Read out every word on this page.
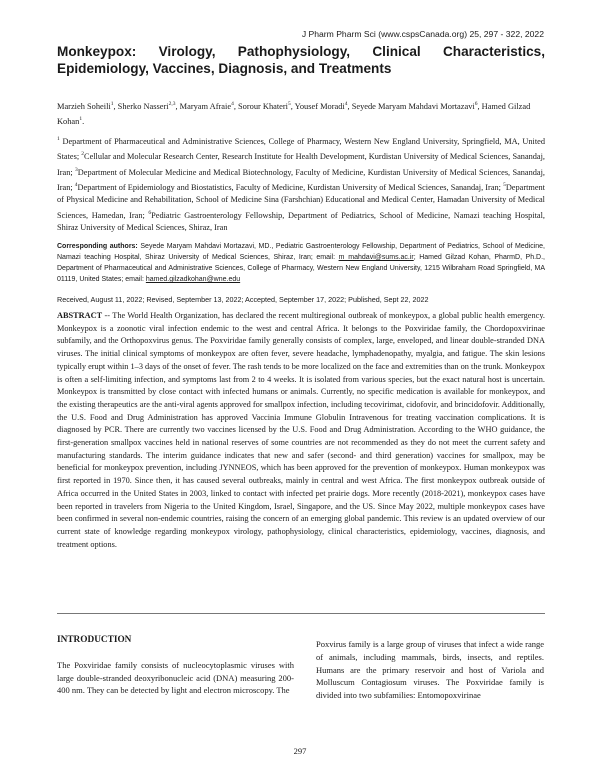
J Pharm Pharm Sci (www.cspsCanada.org) 25, 297 - 322, 2022
Monkeypox: Virology, Pathophysiology, Clinical Characteristics, Epidemiology, Vaccines, Diagnosis, and Treatments
Marzieh Soheili$^1$, Sherko Nasseri$^{2,3}$, Maryam Afraie$^4$, Sorour Khateri$^5$, Yousef Moradi$^4$, Seyede Maryam Mahdavi Mortazavi$^6$, Hamed Gilzad Kohan$^1$.
$^1$ Department of Pharmaceutical and Administrative Sciences, College of Pharmacy, Western New England University, Springfield, MA, United States; $^2$Cellular and Molecular Research Center, Research Institute for Health Development, Kurdistan University of Medical Sciences, Sanandaj, Iran; $^3$Department of Molecular Medicine and Medical Biotechnology, Faculty of Medicine, Kurdistan University of Medical Sciences, Sanandaj, Iran; $^4$Department of Epidemiology and Biostatistics, Faculty of Medicine, Kurdistan University of Medical Sciences, Sanandaj, Iran; $^5$Department of Physical Medicine and Rehabilitation, School of Medicine Sina (Farshchian) Educational and Medical Center, Hamadan University of Medical Sciences, Hamedan, Iran; $^6$Pediatric Gastroenterology Fellowship, Department of Pediatrics, School of Medicine, Namazi teaching Hospital, Shiraz University of Medical Sciences, Shiraz, Iran
Corresponding authors: Seyede Maryam Mahdavi Mortazavi, MD., Pediatric Gastroenterology Fellowship, Department of Pediatrics, School of Medicine, Namazi teaching Hospital, Shiraz University of Medical Sciences, Shiraz, Iran; email: m_mahdavi@sums.ac.ir; Hamed Gilzad Kohan, PharmD, Ph.D., Department of Pharmaceutical and Administrative Sciences, College of Pharmacy, Western New England University, 1215 Wilbraham Road Springfield, MA 01119, United States; email: hamed.gilzadkohan@wne.edu
Received, August 11, 2022; Revised, September 13, 2022; Accepted, September 17, 2022; Published, Sept 22, 2022
ABSTRACT -- The World Health Organization, has declared the recent multiregional outbreak of monkeypox, a global public health emergency. Monkeypox is a zoonotic viral infection endemic to the west and central Africa. It belongs to the Poxviridae family, the Chordopoxvirinae subfamily, and the Orthopoxvirus genus. The Poxviridae family generally consists of complex, large, enveloped, and linear double-stranded DNA viruses. The initial clinical symptoms of monkeypox are often fever, severe headache, lymphadenopathy, myalgia, and fatigue. The skin lesions typically erupt within 1–3 days of the onset of fever. The rash tends to be more localized on the face and extremities than on the trunk. Monkeypox is often a self-limiting infection, and symptoms last from 2 to 4 weeks. It is isolated from various species, but the exact natural host is uncertain. Monkeypox is transmitted by close contact with infected humans or animals. Currently, no specific medication is available for monkeypox, and the existing therapeutics are the anti-viral agents approved for smallpox infection, including tecovirimat, cidofovir, and brincidofovir. Additionally, the U.S. Food and Drug Administration has approved Vaccinia Immune Globulin Intravenous for treating vaccination complications. It is diagnosed by PCR. There are currently two vaccines licensed by the U.S. Food and Drug Administration. According to the WHO guidance, the first-generation smallpox vaccines held in national reserves of some countries are not recommended as they do not meet the current safety and manufacturing standards. The interim guidance indicates that new and safer (second- and third generation) vaccines for smallpox, may be beneficial for monkeypox prevention, including JYNNEOS, which has been approved for the prevention of monkeypox. Human monkeypox was first reported in 1970. Since then, it has caused several outbreaks, mainly in central and west Africa. The first monkeypox outbreak outside of Africa occurred in the United States in 2003, linked to contact with infected pet prairie dogs. More recently (2018-2021), monkeypox cases have been reported in travelers from Nigeria to the United Kingdom, Israel, Singapore, and the US. Since May 2022, multiple monkeypox cases have been confirmed in several non-endemic countries, raising the concern of an emerging global pandemic. This review is an updated overview of our current state of knowledge regarding monkeypox virology, pathophysiology, clinical characteristics, epidemiology, vaccines, diagnosis, and treatment options.
INTRODUCTION

The Poxviridae family consists of nucleocytoplasmic viruses with large double-stranded deoxyribonucleic acid (DNA) measuring 200-400 nm. They can be detected by light and electron microscopy. The

Poxvirus family is a large group of viruses that infect a wide range of animals, including mammals, birds, insects, and reptiles. Humans are the primary reservoir and host of Variola and Molluscum Contagiosum viruses. The Poxviridae family is divided into two subfamilies: Entomopoxvirinae
297
